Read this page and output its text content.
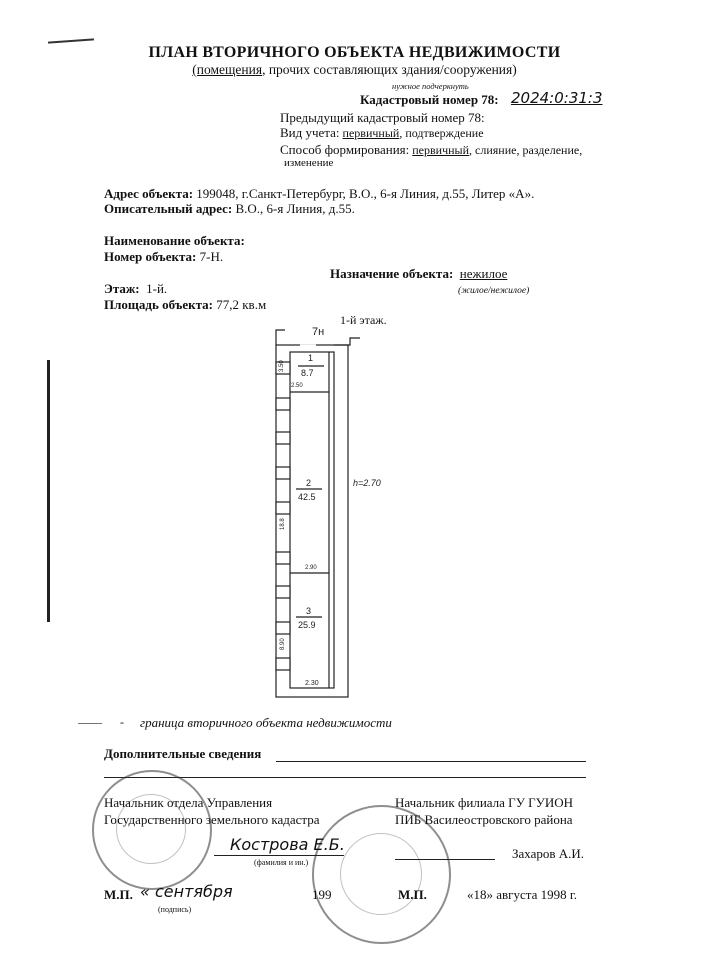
ПЛАН ВТОРИЧНОГО ОБЪЕКТА НЕДВИЖИМОСТИ
(помещения, прочих составляющих здания/сооружения)
нужное подчеркнуть
Кадастровый номер 78: 2024:0:31:3
Предыдущий кадастровый номер 78:
Вид учета: первичный, подтверждение
Способ формирования: первичный, слияние, разделение,
изменение
Адрес объекта: 199048, г.Санкт-Петербург, В.О., 6-я Линия, д.55, Литер «А».
Описательный адрес: В.О., 6-я Линия, д.55.
Наименование объекта:
Номер объекта: 7-Н.
Назначение объекта: нежилое
(жилое/нежилое)
Этаж: 1-й.
Площадь объекта: 77,2 кв.м
1-й этаж.
1
8.7
2
42.5
3
25.9
7н
h=2.70
2.50
2.90
2.30
3.50
18.8
8.90
—— - граница вторичного объекта недвижимости
Дополнительные сведения
Начальник отдела Управления
Государственного земельного кадастра
Кострова Е.Б.
(фамилия и ин.)
М.П. « сентября	199
(подпись)
Начальник филиала ГУ ГУИОН
ПИБ Василеостровского района
Захаров А.И.
М.П.	«18» августа 1998 г.
